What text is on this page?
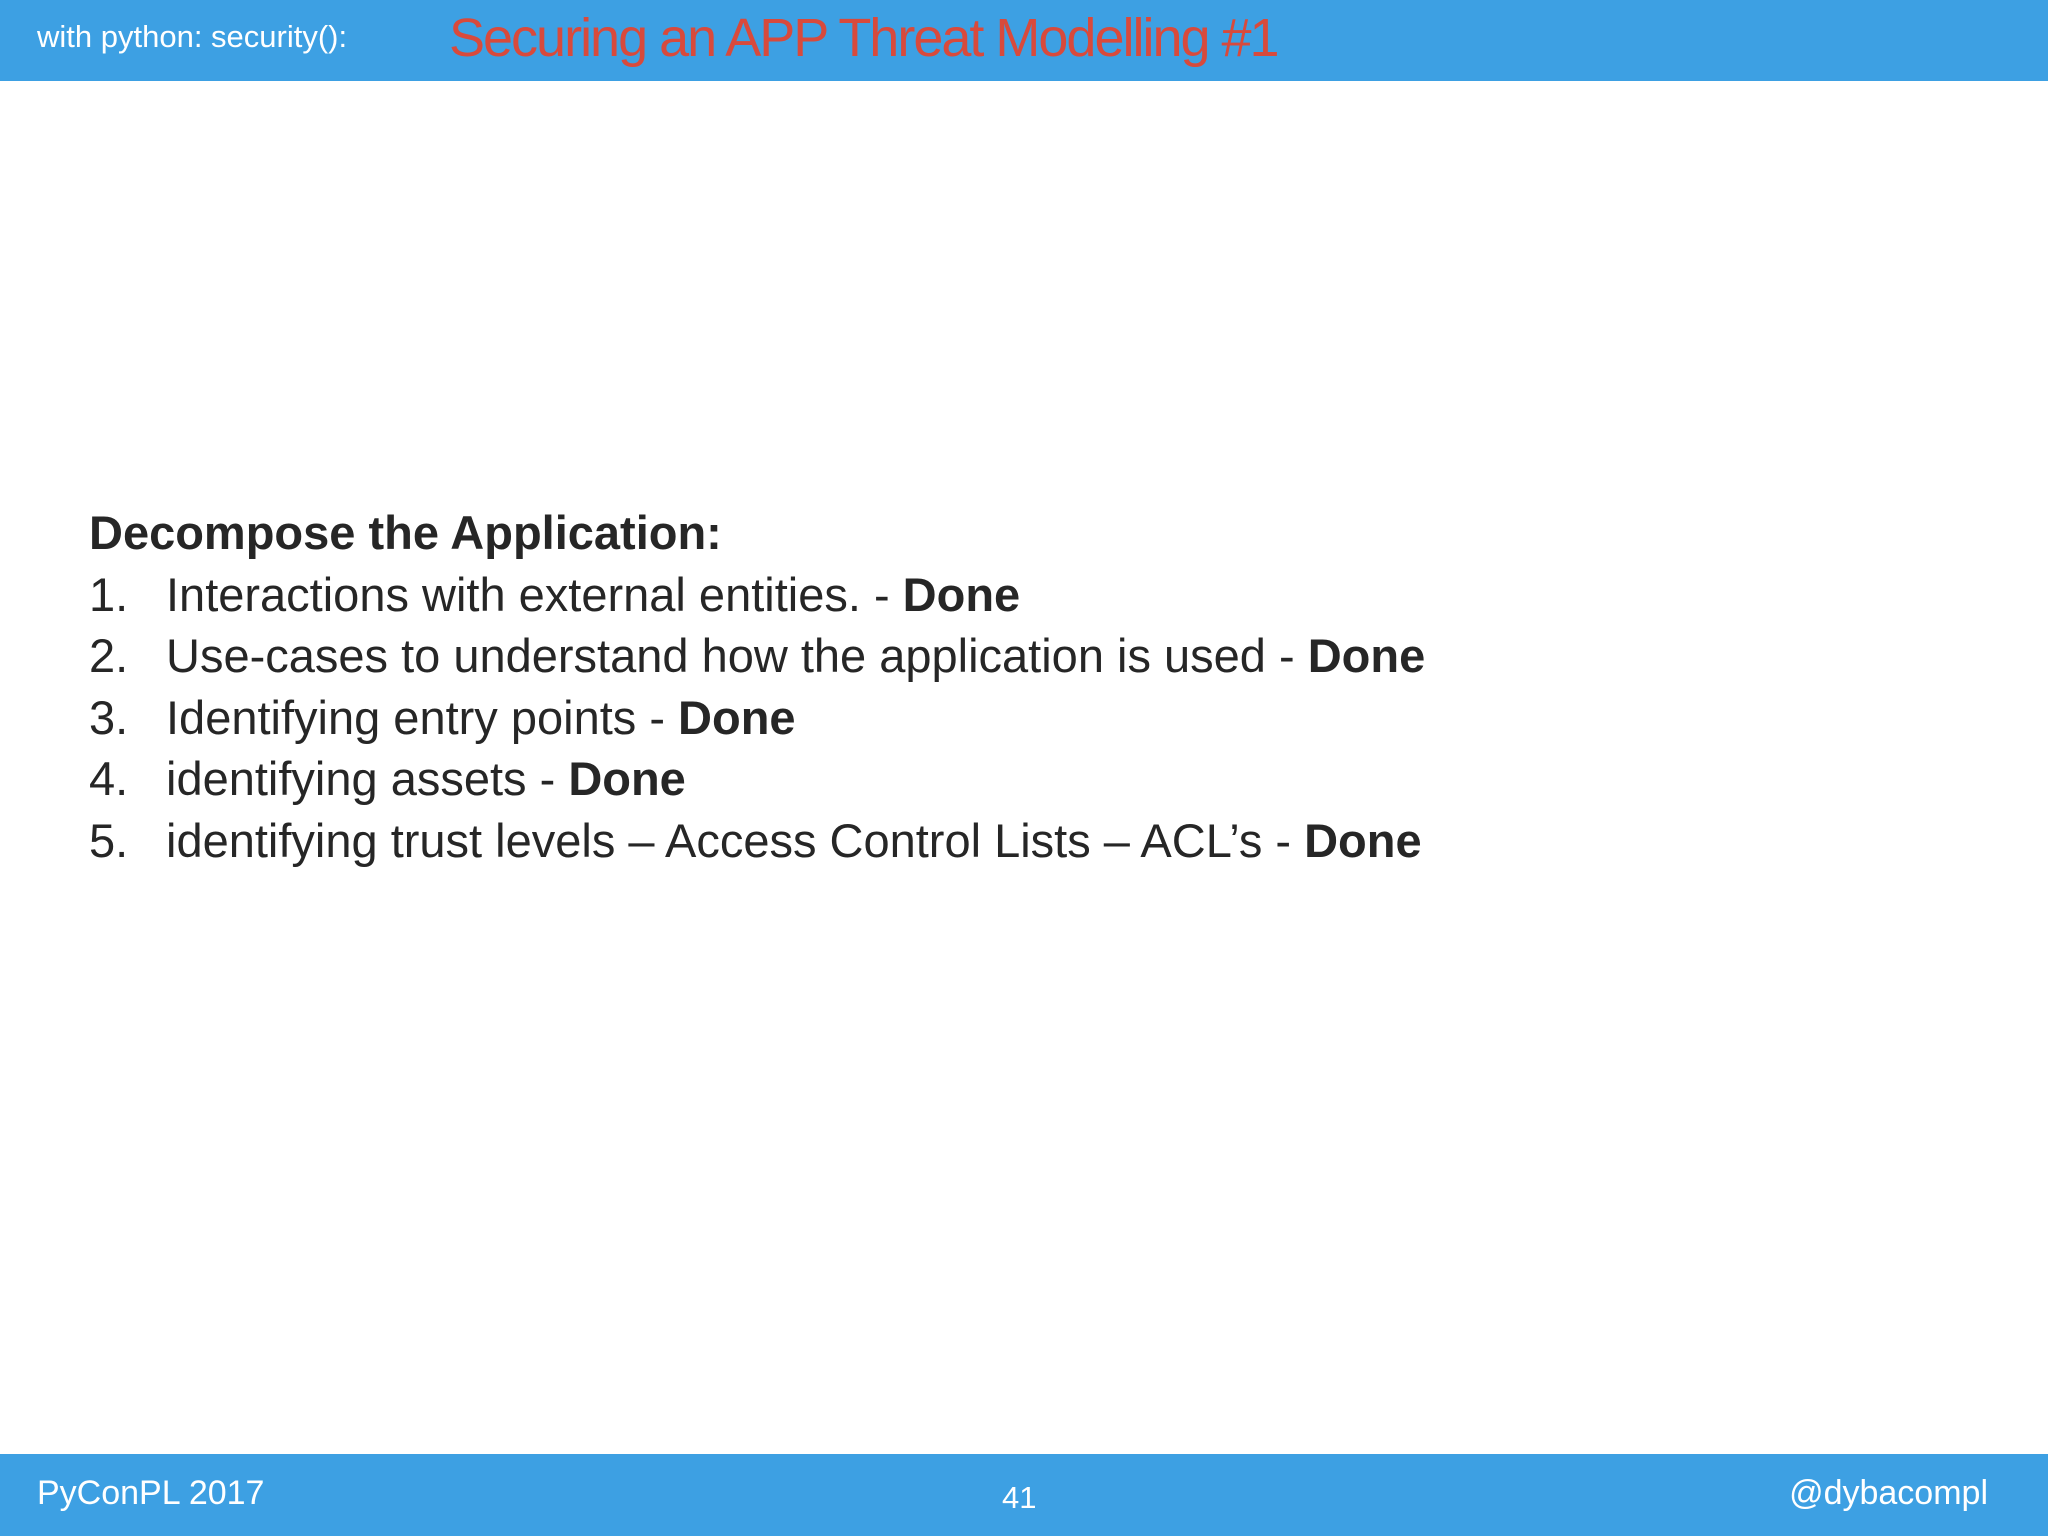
with python: security(): Securing an APP Threat Modelling #1
Decompose the Application:
1. Interactions with external entities. - Done
2. Use-cases to understand how the application is used - Done
3. Identifying entry points - Done
4. identifying assets - Done
5. identifying trust levels – Access Control Lists – ACL’s - Done
PyConPL 2017	41	@dybacompl
